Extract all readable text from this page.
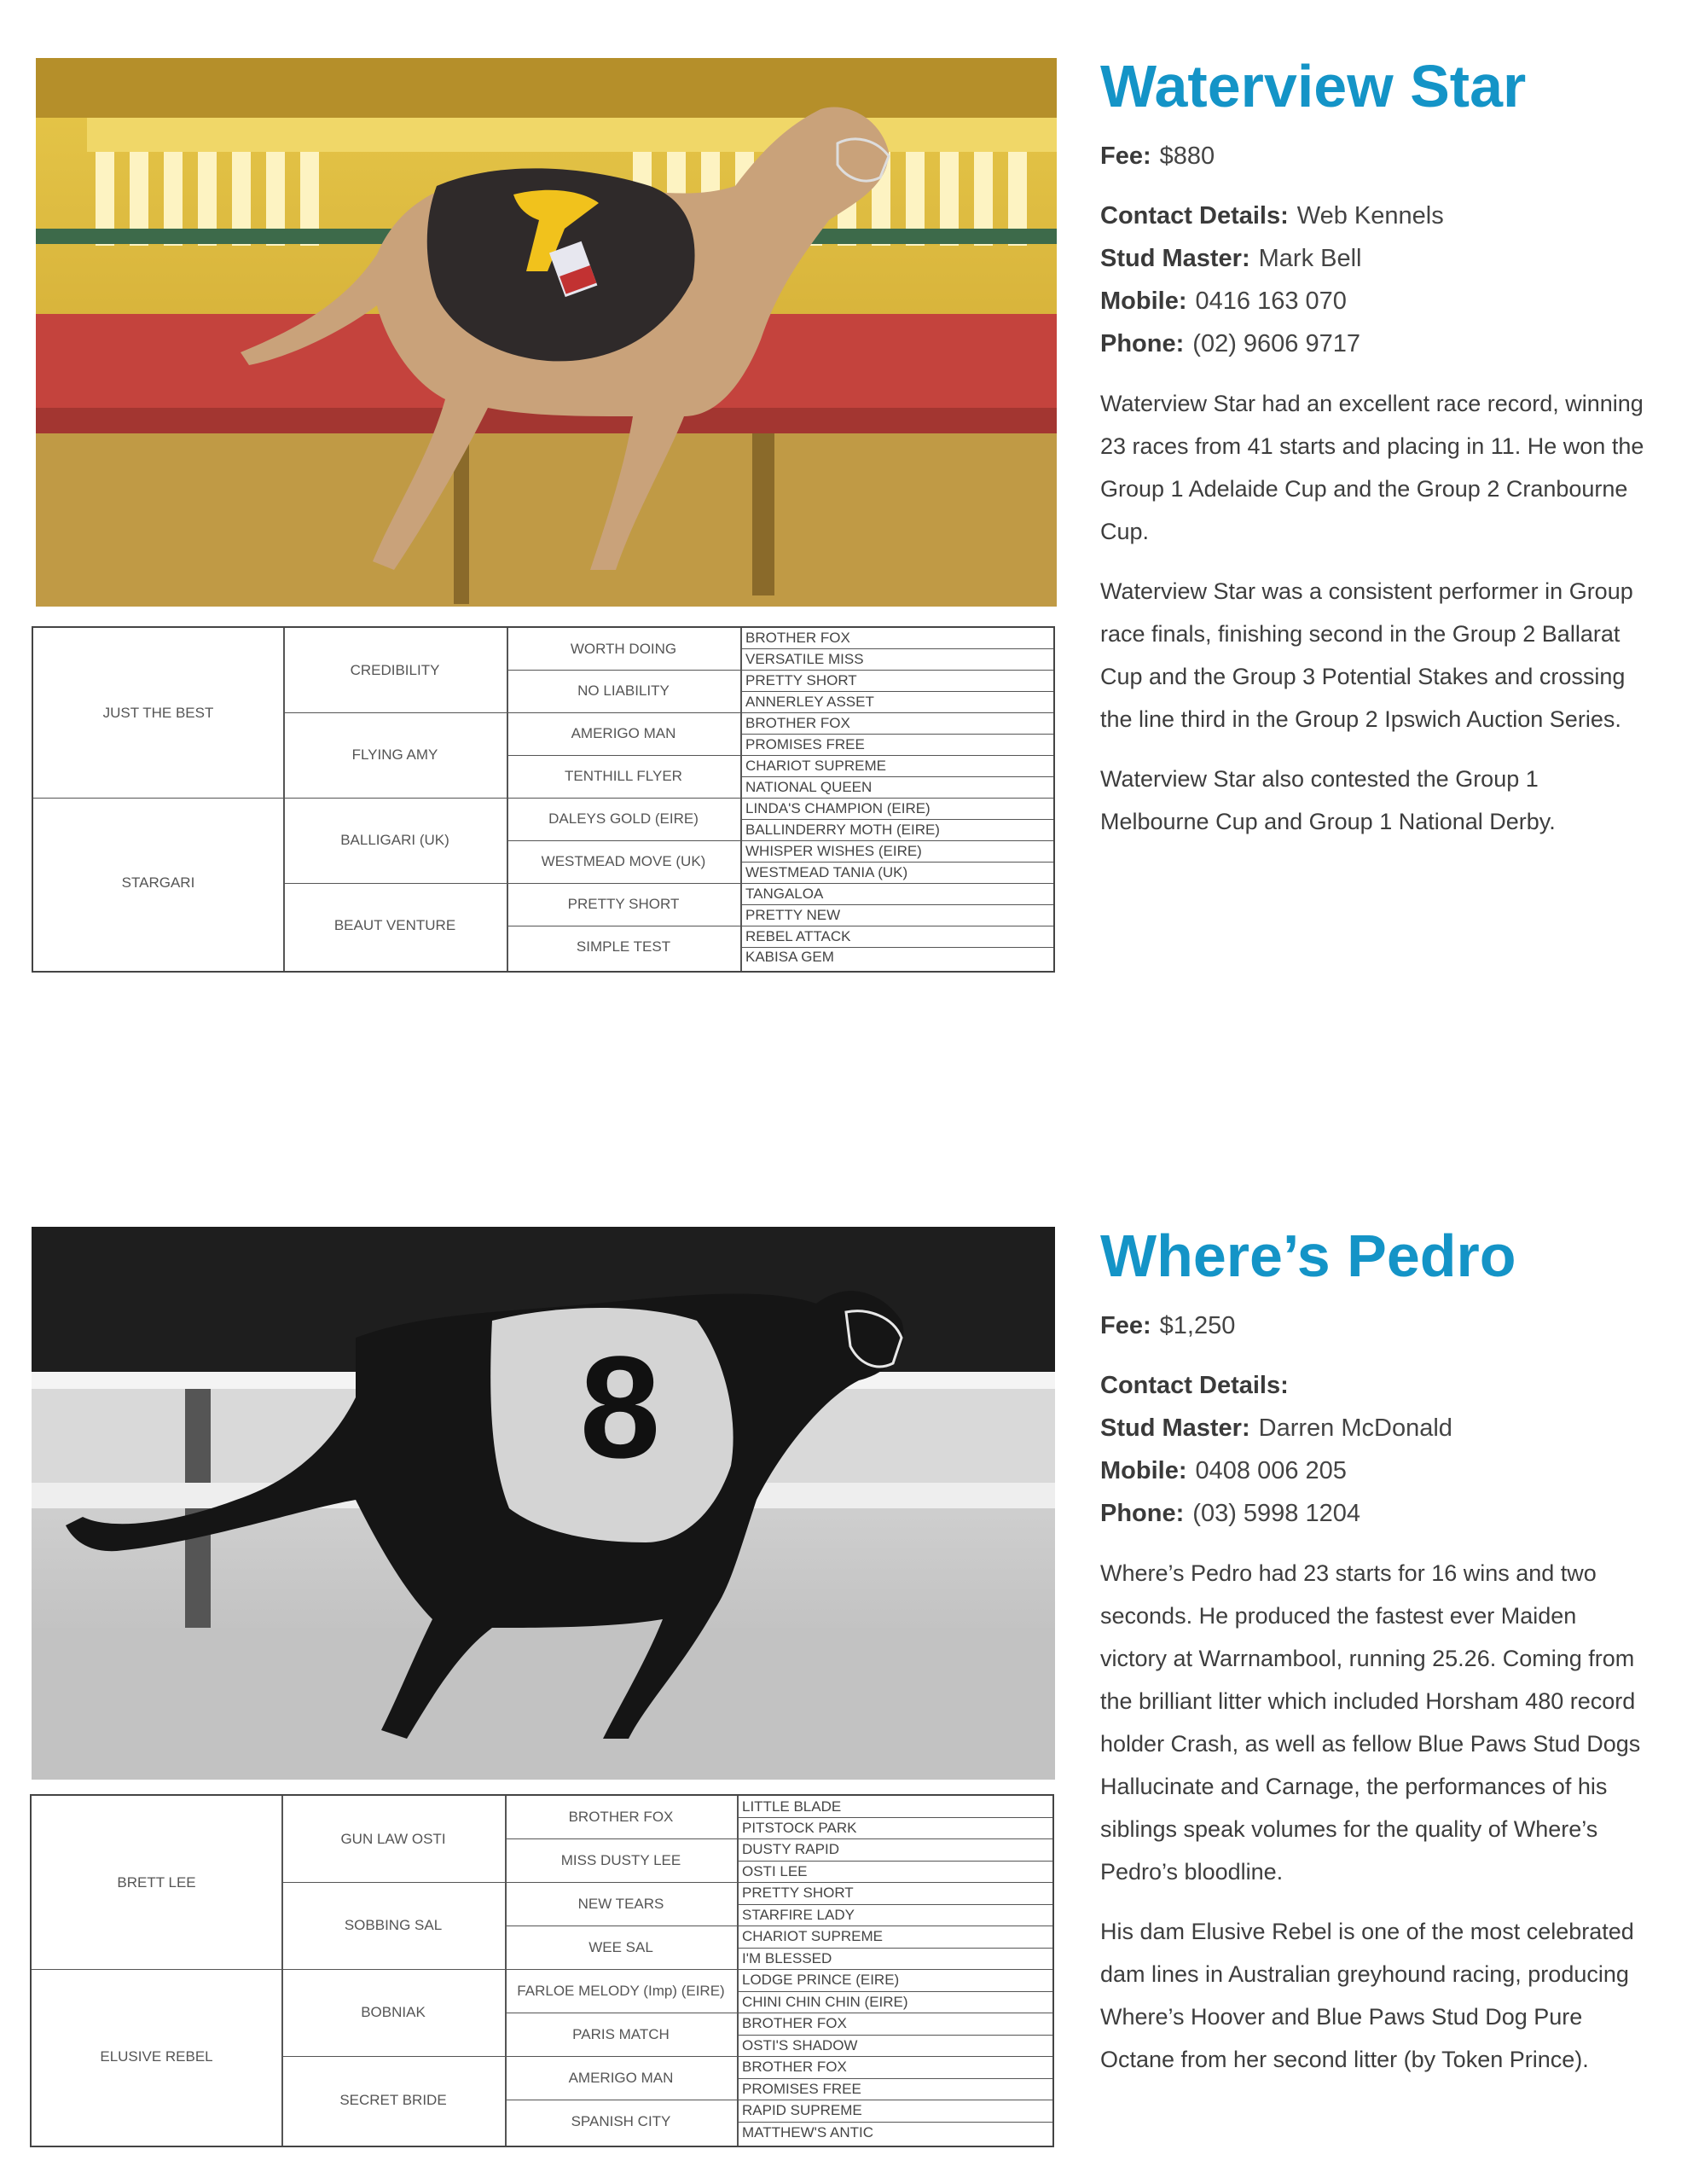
JUST THE BEST
STARGARI
CREDIBILITY
FLYING AMY
BALLIGARI (UK)
BEAUT VENTURE
WORTH DOING
NO LIABILITY
AMERIGO MAN
TENTHILL FLYER
DALEYS GOLD (EIRE)
WESTMEAD MOVE (UK)
PRETTY SHORT
SIMPLE TEST
BROTHER FOX
VERSATILE MISS
PRETTY SHORT
ANNERLEY ASSET
BROTHER FOX
PROMISES FREE
CHARIOT SUPREME
NATIONAL QUEEN
LINDA'S CHAMPION (EIRE)
BALLINDERRY MOTH (EIRE)
WHISPER WISHES (EIRE)
WESTMEAD TANIA (UK)
TANGALOA
PRETTY NEW
REBEL ATTACK
KABISA GEM
Waterview Star

Fee: $880

Contact Details: Web Kennels

Stud Master: Mark Bell

Mobile: 0416 163 070

Phone: (02) 9606 9717

Waterview Star had an excellent race record, winning 23 races from 41 starts and placing in 11. He won the Group 1 Adelaide Cup and the Group 2 Cranbourne Cup.

Waterview Star was a consistent performer in Group race finals, finishing second in the Group 2 Ballarat Cup and the Group 3 Potential Stakes and crossing the line third in the Group 2 Ipswich Auction Series.

Waterview Star also contested the Group 1 Melbourne Cup and Group 1 National Derby.

8
BRETT LEE
ELUSIVE REBEL
GUN LAW OSTI
SOBBING SAL
BOBNIAK
SECRET BRIDE
BROTHER FOX
MISS DUSTY LEE
NEW TEARS
WEE SAL
FARLOE MELODY (Imp) (EIRE)
PARIS MATCH
AMERIGO MAN
SPANISH CITY
LITTLE BLADE
PITSTOCK PARK
DUSTY RAPID
OSTI LEE
PRETTY SHORT
STARFIRE LADY
CHARIOT SUPREME
I'M BLESSED
LODGE PRINCE (EIRE)
CHINI CHIN CHIN (EIRE)
BROTHER FOX
OSTI'S SHADOW
BROTHER FOX
PROMISES FREE
RAPID SUPREME
MATTHEW'S ANTIC
Where’s Pedro

Fee: $1,250

Contact Details:

Stud Master: Darren McDonald

Mobile: 0408 006 205

Phone: (03) 5998 1204

Where’s Pedro had 23 starts for 16 wins and two seconds. He produced the fastest ever Maiden victory at Warrnambool, running 25.26. Coming from the brilliant litter which included Horsham 480 record holder Crash, as well as fellow Blue Paws Stud Dogs Hallucinate and Carnage, the performances of his siblings speak volumes for the quality of Where’s Pedro’s bloodline.

His dam Elusive Rebel is one of the most celebrated dam lines in Australian greyhound racing, producing Where’s Hoover and Blue Paws Stud Dog Pure Octane from her second litter (by Token Prince).
